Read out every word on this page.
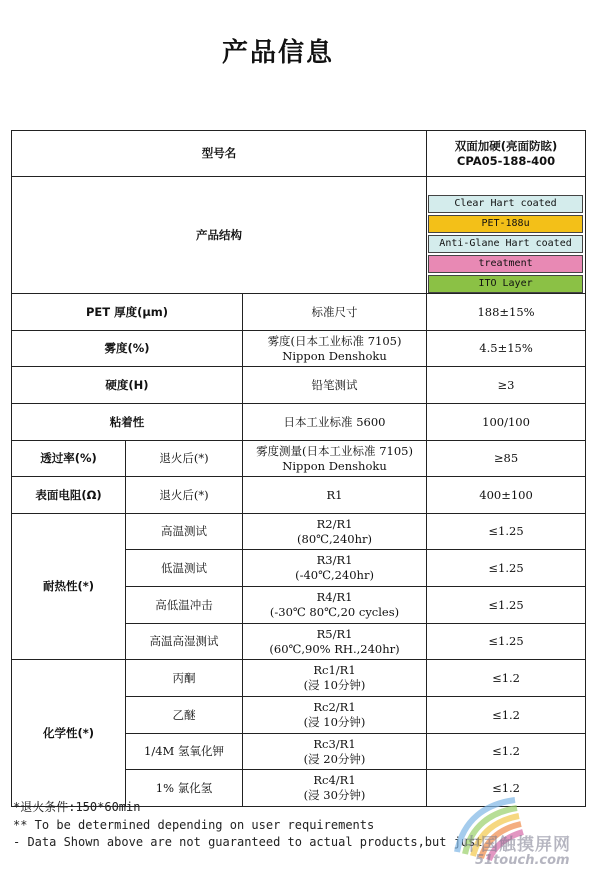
产品信息
型号名			双面加硬(亮面防眩)
CPA05-188-400

产品结构			Clear Hart coated
PET-188u
Anti-Glane Hart coated
treatment
ITO Layer

PET 厚度(μm)		标准尺寸	188±15%
雾度(%)		雾度(日本工业标准 7105)
Nippon Denshoku	4.5±15%
硬度(H)		铅笔测试	≥3
粘着性		日本工业标准 5600	100/100
透过率(%)	退火后(*)	雾度测量(日本工业标准 7105)
Nippon Denshoku	≥85
表面电阻(Ω)	退火后(*)	R1	400±100
耐热性(*)	高温测试	R2/R1
(80℃,240hr)	≤1.25
	低温测试	R3/R1
(-40℃,240hr)	≤1.25
	高低温冲击	R4/R1
(-30℃ 80℃,20 cycles)	≤1.25
	高温高湿测试	R5/R1
(60℃,90% RH.,240hr)	≤1.25
化学性(*)	丙酮	Rc1/R1
(浸 10分钟)	≤1.2
	乙醚	Rc2/R1
(浸 10分钟)	≤1.2
	1/4M 氢氧化钾	Rc3/R1
(浸 20分钟)	≤1.2
	1% 氯化氢	Rc4/R1
(浸 30分钟)	≤1.2
*退火条件:150*60min
** To be determined depending on user requirements
- Data Shown above are not guaranteed to actual products,but just
中国触摸屏网
51touch.com
